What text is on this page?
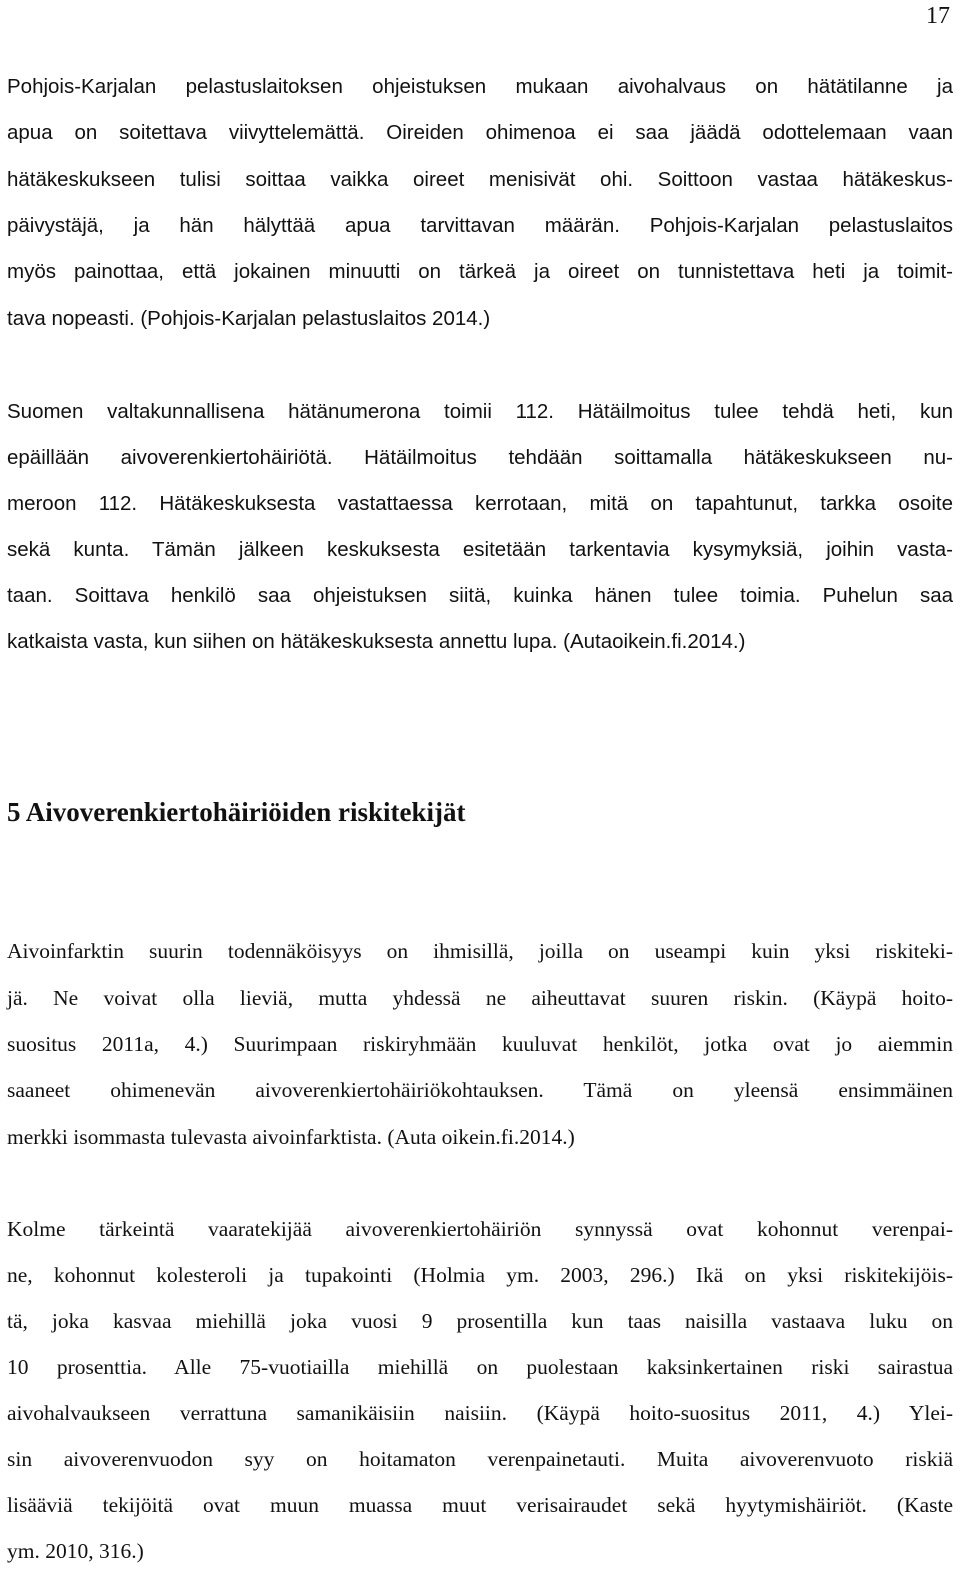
17
Pohjois-Karjalan pelastuslaitoksen ohjeistuksen mukaan aivohalvaus on hätätilanne ja
apua on soitettava viivyttelemättä. Oireiden ohimenoa ei saa jäädä odottelemaan vaan
hätäkeskukseen tulisi soittaa vaikka oireet menisivät ohi. Soittoon vastaa hätäkeskus-
päivystäjä, ja hän hälyttää apua tarvittavan määrän. Pohjois-Karjalan pelastuslaitos
myös painottaa, että jokainen minuutti on tärkeä ja oireet on tunnistettava heti ja toimit-
tava nopeasti. (Pohjois-Karjalan pelastuslaitos 2014.)
Suomen valtakunnallisena hätänumerona toimii 112. Hätäilmoitus tulee tehdä heti, kun
epäillään aivoverenkiertohäiriötä. Hätäilmoitus tehdään soittamalla hätäkeskukseen nu-
meroon 112. Hätäkeskuksesta vastattaessa kerrotaan, mitä on tapahtunut, tarkka osoite
sekä kunta. Tämän jälkeen keskuksesta esitetään tarkentavia kysymyksiä, joihin vasta-
taan. Soittava henkilö saa ohjeistuksen siitä, kuinka hänen tulee toimia. Puhelun saa
katkaista vasta, kun siihen on hätäkeskuksesta annettu lupa. (Autaoikein.fi.2014.)
5 Aivoverenkiertohäiriöiden riskitekijät
Aivoinfarktin suurin todennäköisyys on ihmisillä, joilla on useampi kuin yksi riskiteki-
jä. Ne voivat olla lieviä, mutta yhdessä ne aiheuttavat suuren riskin. (Käypä hoito-
suositus 2011a, 4.) Suurimpaan riskiryhmään kuuluvat henkilöt, jotka ovat jo aiemmin
saaneet ohimenevän aivoverenkiertohäiriökohtauksen. Tämä on yleensä ensimmäinen
merkki isommasta tulevasta aivoinfarktista. (Auta oikein.fi.2014.)
Kolme tärkeintä vaaratekijää aivoverenkiertohäiriön synnyssä ovat kohonnut verenpai-
ne, kohonnut kolesteroli ja tupakointi (Holmia ym. 2003, 296.) Ikä on yksi riskitekijöis-
tä, joka kasvaa miehillä joka vuosi 9 prosentilla kun taas naisilla vastaava luku on
10 prosenttia. Alle 75-vuotiailla miehillä on puolestaan kaksinkertainen riski sairastua
aivohalvaukseen verrattuna samanikäisiin naisiin. (Käypä hoito-suositus 2011, 4.) Ylei-
sin aivoverenvuodon syy on hoitamaton verenpainetauti. Muita aivoverenvuoto riskiä
lisääviä tekijöitä ovat muun muassa muut verisairaudet sekä hyytymishäiriöt. (Kaste
ym. 2010, 316.)
